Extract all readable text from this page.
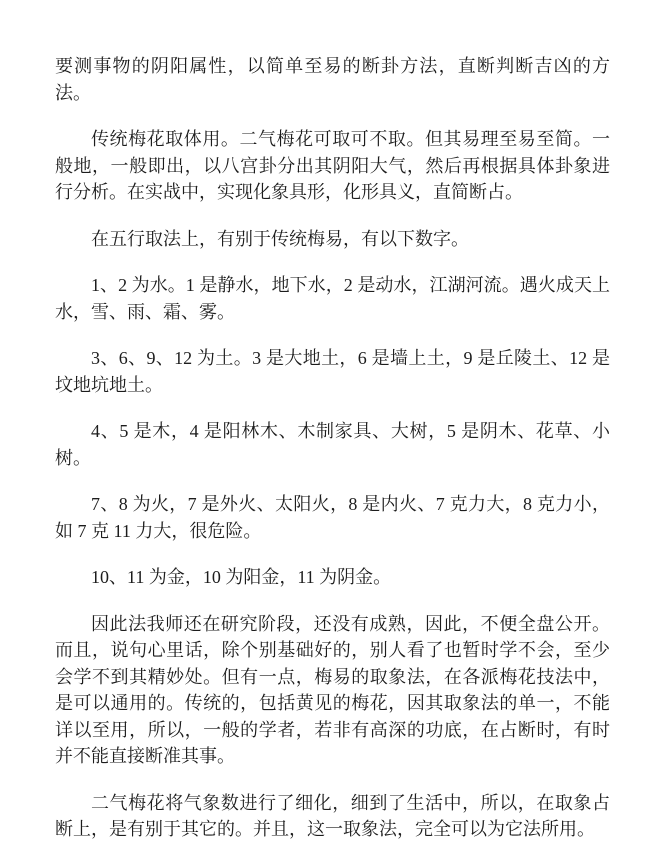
要测事物的阴阳属性，以简单至易的断卦方法，直断判断吉凶的方法。

传统梅花取体用。二气梅花可取可不取。但其易理至易至简。一般地，一般即出，以八宫卦分出其阴阳大气，然后再根据具体卦象进行分析。在实战中，实现化象具形，化形具义，直简断占。

在五行取法上，有别于传统梅易，有以下数字。

1、2 为水。1 是静水，地下水，2 是动水，江湖河流。遇火成天上水，雪、雨、霜、雾。

3、6、9、12 为土。3 是大地土，6 是墙上土，9 是丘陵土、12 是坟地坑地土。

4、5 是木，4 是阳林木、木制家具、大树，5 是阴木、花草、小树。

7、8 为火，7 是外火、太阳火，8 是内火、7 克力大，8 克力小，如 7 克 11 力大，很危险。

10、11 为金，10 为阳金，11 为阴金。

因此法我师还在研究阶段，还没有成熟，因此，不便全盘公开。而且，说句心里话，除个别基础好的，别人看了也暂时学不会，至少会学不到其精妙处。但有一点，梅易的取象法，在各派梅花技法中，是可以通用的。传统的，包括黄见的梅花，因其取象法的单一，不能详以至用，所以，一般的学者，若非有高深的功底，在占断时，有时并不能直接断准其事。

二气梅花将气象数进行了细化，细到了生活中，所以，在取象占断上，是有别于其它的。并且，这一取象法，完全可以为它法所用。
